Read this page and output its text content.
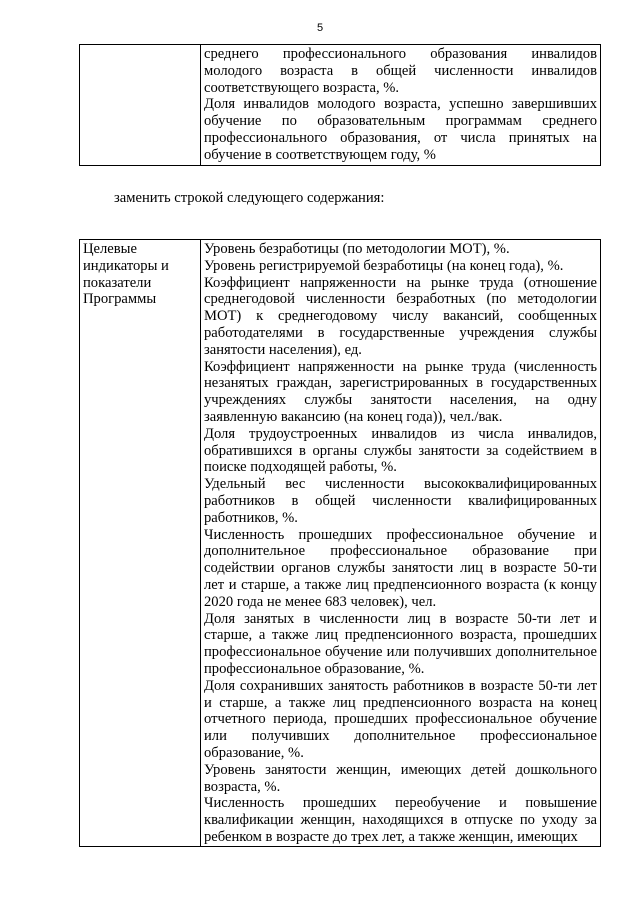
5

среднего профессионального образования инвалидов молодого возраста в общей численности инвалидов соответствующего возраста, %.
Доля инвалидов молодого возраста, успешно завершивших обучение по образовательным программам среднего профессионального образования, от числа принятых на обучение в соответствующем году, %
заменить строкой следующего содержания:
Целевые индикаторы и показатели Программы

Уровень безработицы (по методологии МОТ), %.
Уровень регистрируемой безработицы (на конец года), %.
Коэффициент напряженности на рынке труда (отношение среднегодовой численности безработных (по методологии МОТ) к среднегодовому числу вакансий, сообщенных работодателями в государственные учреждения службы занятости населения), ед.
Коэффициент напряженности на рынке труда (численность незанятых граждан, зарегистрированных в государственных учреждениях службы занятости населения, на одну заявленную вакансию (на конец года)), чел./вак.
Доля трудоустроенных инвалидов из числа инвалидов, обратившихся в органы службы занятости за содействием в поиске подходящей работы, %.
Удельный вес численности высококвалифицированных работников в общей численности квалифицированных работников, %.
Численность прошедших профессиональное обучение и дополнительное профессиональное образование при содействии органов службы занятости лиц в возрасте 50-ти лет и старше, а также лиц предпенсионного возраста (к концу 2020 года не менее 683 человек), чел.
Доля занятых в численности лиц в возрасте 50-ти лет и старше, а также лиц предпенсионного возраста, прошедших профессиональное обучение или получивших дополнительное профессиональное образование, %.
Доля сохранивших занятость работников в возрасте 50-ти лет и старше, а также лиц предпенсионного возраста на конец отчетного периода, прошедших профессиональное обучение или получивших дополнительное профессиональное образование, %.
Уровень занятости женщин, имеющих детей дошкольного возраста, %.
Численность прошедших переобучение и повышение квалификации женщин, находящихся в отпуске по уходу за ребенком в возрасте до трех лет, а также женщин, имеющих
